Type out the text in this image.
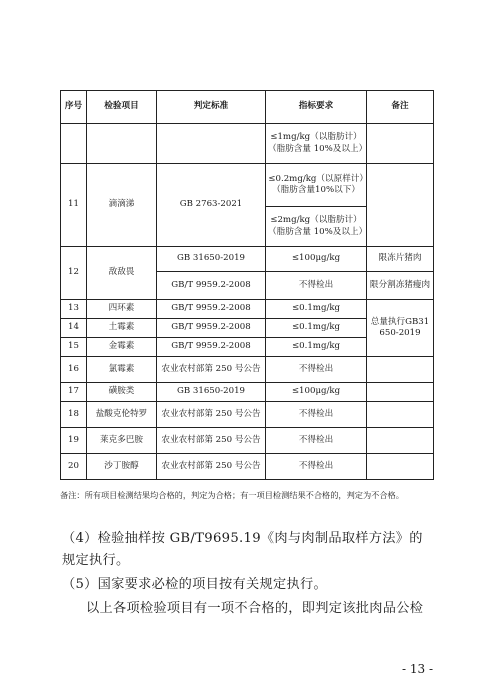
序号	检验项目	判定标准	指标要求	备注
			≤1mg/kg（以脂肪计）（脂肪含量 10%及以上）	
11	滴滴涕	GB 2763-2021	≤0.2mg/kg（以原样计）（脂肪含量10%以下）	
			≤2mg/kg（以脂肪计）（脂肪含量 10%及以上）	
12	敌敌畏	GB 31650-2019	≤100μg/kg	限冻片猪肉
		GB/T 9959.2-2008	不得检出	限分割冻猪瘦肉
13	四环素	GB/T 9959.2-2008	≤0.1mg/kg	总量执行GB31650-2019
14	土霉素	GB/T 9959.2-2008	≤0.1mg/kg	
15	金霉素	GB/T 9959.2-2008	≤0.1mg/kg	
16	氯霉素	农业农村部第 250 号公告	不得检出	
17	磺胺类	GB 31650-2019	≤100μg/kg	
18	盐酸克伦特罗	农业农村部第 250 号公告	不得检出	
19	莱克多巴胺	农业农村部第 250 号公告	不得检出	
20	沙丁胺醇	农业农村部第 250 号公告	不得检出	
备注：所有项目检测结果均合格的，判定为合格；有一项目检测结果不合格的，判定为不合格。
（4）检验抽样按 GB/T9695.19《肉与肉制品取样方法》的规定执行。
（5）国家要求必检的项目按有关规定执行。
以上各项检验项目有一项不合格的，即判定该批肉品公检
- 13 -
